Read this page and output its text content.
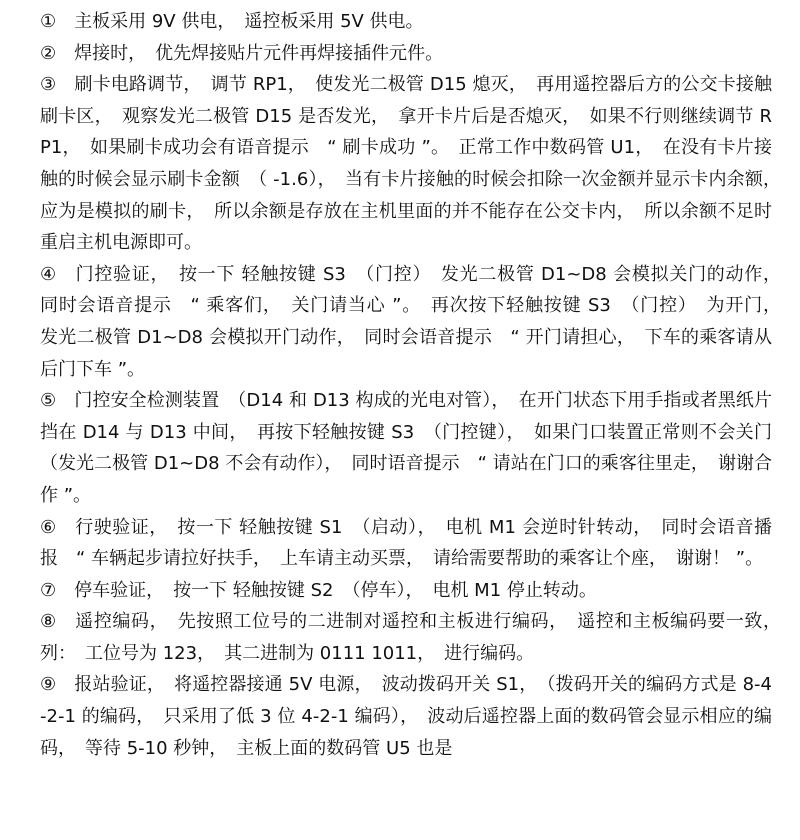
①　主板采用 9V 供电，　遥控板采用 5V 供电。

②　焊接时，　优先焊接贴片元件再焊接插件元件。

③　刷卡电路调节，　调节 RP1，　使发光二极管 D15 熄灭，　再用遥控器后方的公交卡接触刷卡区，　观察发光二极管 D15 是否发光，　拿开卡片后是否熄灭，　如果不行则继续调节 RP1，　如果刷卡成功会有语音提示　“ 刷卡成功 ”。　正常工作中数码管 U1，　在没有卡片接触的时候会显示刷卡金额　（ -1.6），　当有卡片接触的时候会扣除一次金额并显示卡内余额，　应为是模拟的刷卡，　所以余额是存放在主机里面的并不能存在公交卡内，　所以余额不足时重启主机电源即可。

④　门控验证，　按一下 轻触按键 S3　（门控）　发光二极管 D1~D8 会模拟关门的动作，　同时会语音提示　“ 乘客们，　关门请当心 ”。　再次按下轻触按键 S3　（门控）　为开门，　发光二极管 D1~D8 会模拟开门动作，　同时会语音提示　“ 开门请担心，　下车的乘客请从后门下车 ”。

⑤　门控安全检测装置　（D14 和 D13 构成的光电对管），　在开门状态下用手指或者黑纸片挡在 D14 与 D13 中间，　再按下轻触按键 S3　（门控键），　如果门口装置正常则不会关门　（发光二极管 D1~D8 不会有动作），　同时语音提示　“ 请站在门口的乘客往里走，　谢谢合作 ”。

⑥　行驶验证，　按一下 轻触按键 S1　（启动），　电机 M1 会逆时针转动，　同时会语音播报　“ 车辆起步请拉好扶手，　上车请主动买票，　请给需要帮助的乘客让个座，　谢谢！ ”。

⑦　停车验证，　按一下 轻触按键 S2　（停车），　电机 M1 停止转动。

⑧　遥控编码，　先按照工位号的二进制对遥控和主板进行编码，　遥控和主板编码要一致，　列：　工位号为 123，　其二进制为 0111 1011，　进行编码。

⑨　报站验证，　将遥控器接通 5V 电源，　波动拨码开关 S1，　（拨码开关的编码方式是 8-4-2-1 的编码，　只采用了低 3 位 4-2-1 编码），　波动后遥控器上面的数码管会显示相应的编码，　等待 5-10 秒钟，　主板上面的数码管 U5 也是
